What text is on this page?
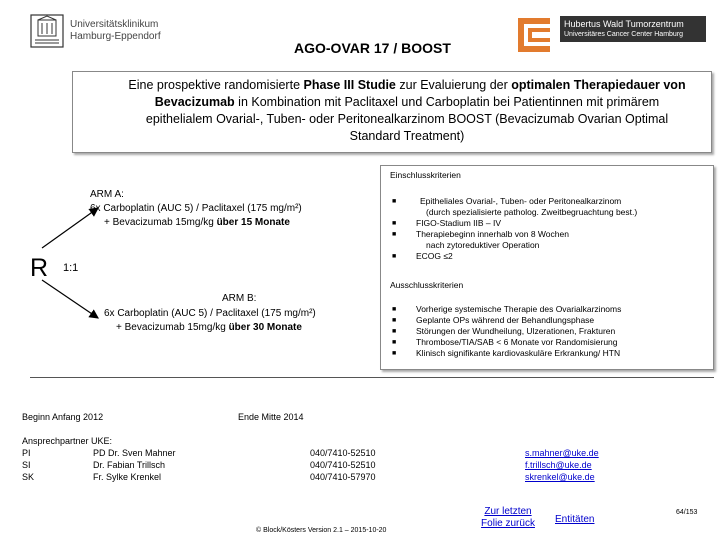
Universitätsklinikum
Hamburg-Eppendorf
Hubertus Wald Tumorzentrum
Universitäres Cancer Center Hamburg
AGO-OVAR 17 / BOOST
Eine prospektive randomisierte Phase III Studie zur Evaluierung der optimalen Therapiedauer von
Bevacizumab in Kombination mit Paclitaxel und Carboplatin bei Patientinnen mit primärem
epithelialem Ovarial-, Tuben- oder Peritonealkarzinom BOOST (Bevacizumab Ovarian Optimal
Standard Treatment)
R 1:1
ARM A:
6x Carboplatin (AUC 5) / Paclitaxel (175 mg/m²)
+ Bevacizumab 15mg/kg über 15 Monate
ARM B:
6x Carboplatin (AUC 5) / Paclitaxel (175 mg/m²)
+ Bevacizumab 15mg/kg über 30 Monate
Einschlusskriterien
■
■
■
■
Epitheliales Ovarial-, Tuben- oder Peritonealkarzinom
(durch spezialisierte patholog. Zweitbegruachtung best.)
FIGO-Stadium IIB – IV
Therapiebeginn innerhalb von 8 Wochen
nach zytoreduktiver Operation
ECOG ≤2
Ausschlusskriterien
■
■
■
■
■
Vorherige systemische Therapie des Ovarialkarzinoms
Geplante OPs während der Behandlungsphase
Störungen der Wundheilung, Ulzerationen, Frakturen
Thrombose/TIA/SAB < 6 Monate vor Randomisierung
Klinisch signifikante kardiovaskuläre Erkrankung/ HTN
Beginn Anfang 2012	Ende Mitte 2014
Ansprechpartner UKE:
PI
SI
SK
PD Dr. Sven Mahner
Dr. Fabian Trillsch
Fr. Sylke Krenkel
040/7410-52510
040/7410-52510
040/7410-57970
s.mahner@uke.de
f.trillsch@uke.de
skrenkel@uke.de
Zur letzten
Folie zurück Entitäten
64/153
© Block/Kösters Version 2.1 – 2015-10-20
